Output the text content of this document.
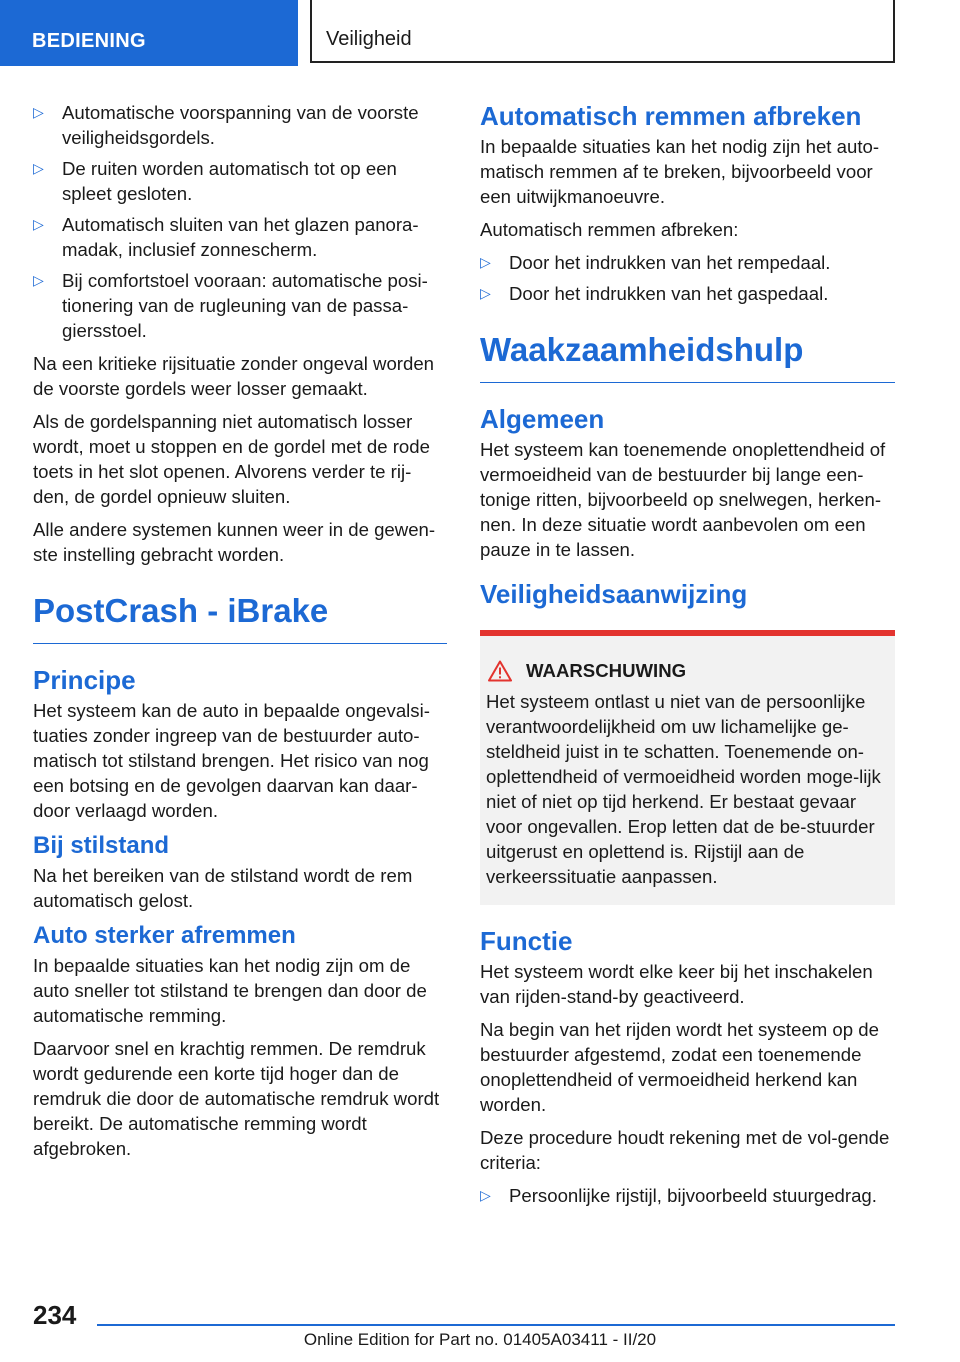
BEDIENING	Veiligheid
▷ Automatische voorspanning van de voorste veiligheidsgordels.
▷ De ruiten worden automatisch tot op een spleet gesloten.
▷ Automatisch sluiten van het glazen panora‐madak, inclusief zonnescherm.
▷ Bij comfortstoel vooraan: automatische posi‐tionering van de rugleuning van de passa‐giersstoel.

Na een kritieke rijsituatie zonder ongeval worden de voorste gordels weer losser gemaakt.

Als de gordelspanning niet automatisch losser wordt, moet u stoppen en de gordel met de rode toets in het slot openen. Alvorens verder te rij‐den, de gordel opnieuw sluiten.

Alle andere systemen kunnen weer in de gewen‐ste instelling gebracht worden.

PostCrash - iBrake
Principe

Het systeem kan de auto in bepaalde ongevalsi‐tuaties zonder ingreep van de bestuurder auto‐matisch tot stilstand brengen. Het risico van nog een botsing en de gevolgen daarvan kan daar‐door verlaagd worden.

Bij stilstand

Na het bereiken van de stilstand wordt de rem automatisch gelost.

Auto sterker afremmen

In bepaalde situaties kan het nodig zijn om de auto sneller tot stilstand te brengen dan door de automatische remming.

Daarvoor snel en krachtig remmen. De remdruk wordt gedurende een korte tijd hoger dan de remdruk die door de automatische remdruk wordt bereikt. De automatische remming wordt afgebroken.

Automatisch remmen afbreken

In bepaalde situaties kan het nodig zijn het auto‐matisch remmen af te breken, bijvoorbeeld voor een uitwijkmanoeuvre.

Automatisch remmen afbreken:

▷ Door het indrukken van het rempedaal.
▷ Door het indrukken van het gaspedaal.
Waakzaamheidshulp
Algemeen

Het systeem kan toenemende onoplettendheid of vermoeidheid van de bestuurder bij lange een‐tonige ritten, bijvoorbeeld op snelwegen, herken‐nen. In deze situatie wordt aanbevolen om een pauze in te lassen.

Veiligheidsaanwijzing
WAARSCHUWING

Het systeem ontlast u niet van de persoonlijke verantwoordelijkheid om uw lichamelijke ge‐steldheid juist in te schatten. Toenemende on‐oplettendheid of vermoeidheid worden moge‐lijk niet of niet op tijd herkend. Er bestaat gevaar voor ongevallen. Erop letten dat de be‐stuurder uitgerust en oplettend is. Rijstijl aan de verkeerssituatie aanpassen.

Functie

Het systeem wordt elke keer bij het inschakelen van rijden-stand-by geactiveerd.

Na begin van het rijden wordt het systeem op de bestuurder afgestemd, zodat een toenemende onoplettendheid of vermoeidheid herkend kan worden.

Deze procedure houdt rekening met de vol‐gende criteria:

▷ Persoonlijke rijstijl, bijvoorbeeld stuurgedrag.
234
Online Edition for Part no. 01405A03411 - II/20
